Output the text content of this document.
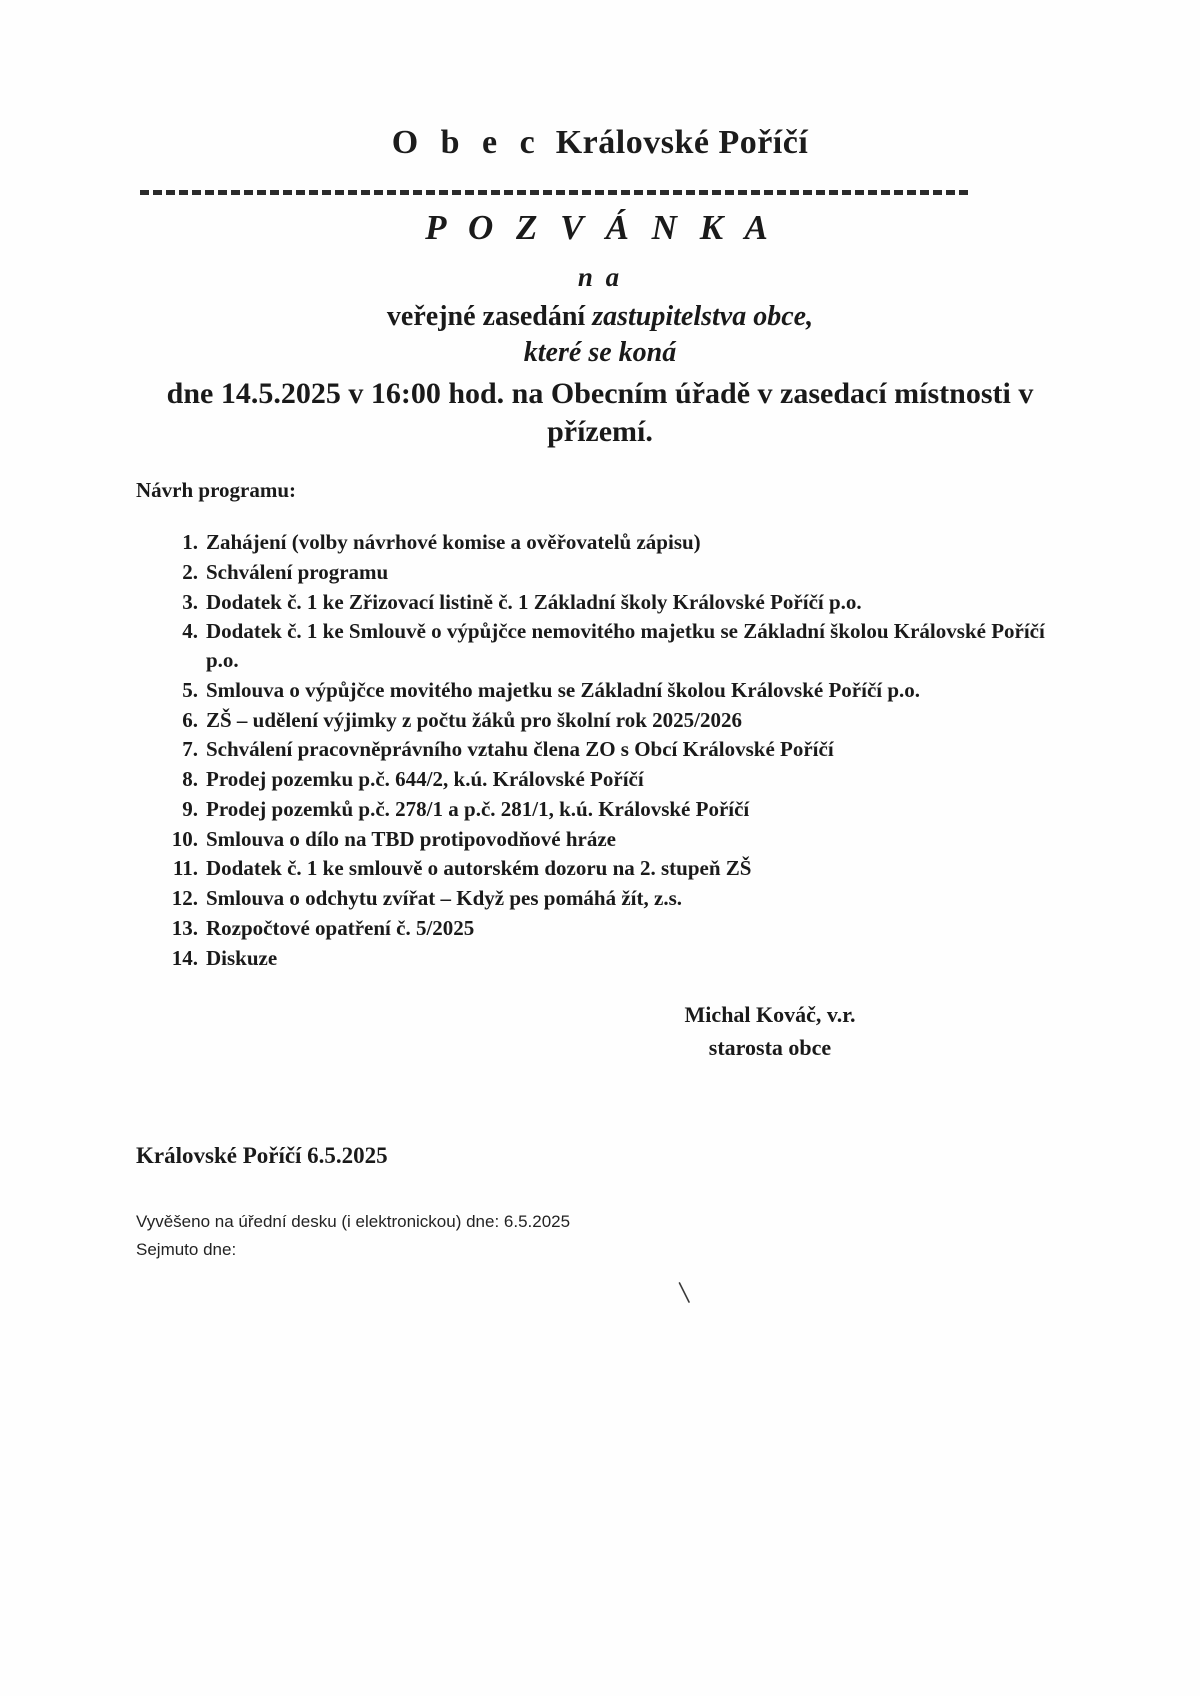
O b e c Královské Poříčí
P O Z V Á N K A
n a
veřejné zasedání zastupitelstva obce,
které se koná
dne 14.5.2025 v 16:00 hod. na Obecním úřadě v zasedací místnosti v přízemí.
Návrh programu:
1. Zahájení (volby návrhové komise a ověřovatelů zápisu)
2. Schválení programu
3. Dodatek č. 1 ke Zřizovací listině č. 1 Základní školy Královské Poříčí p.o.
4. Dodatek č. 1 ke Smlouvě o výpůjčce nemovitého majetku se Základní školou Královské Poříčí p.o.
5. Smlouva o výpůjčce movitého majetku se Základní školou Královské Poříčí p.o.
6. ZŠ – udělení výjimky z počtu žáků pro školní rok 2025/2026
7. Schválení pracovněprávního vztahu člena ZO s Obcí Královské Poříčí
8. Prodej pozemku p.č. 644/2, k.ú. Královské Poříčí
9. Prodej pozemků p.č. 278/1 a p.č. 281/1, k.ú. Královské Poříčí
10. Smlouva o dílo na TBD protipovodňové hráze
11. Dodatek č. 1 ke smlouvě o autorském dozoru na 2. stupeň ZŠ
12. Smlouva o odchytu zvířat – Když pes pomáhá žít, z.s.
13. Rozpočtové opatření č. 5/2025
14. Diskuze
Michal Kováč, v.r.
starosta obce
Královské Poříčí 6.5.2025
Vyvěšeno na úřední desku (i elektronickou) dne: 6.5.2025
Sejmuto dne:
